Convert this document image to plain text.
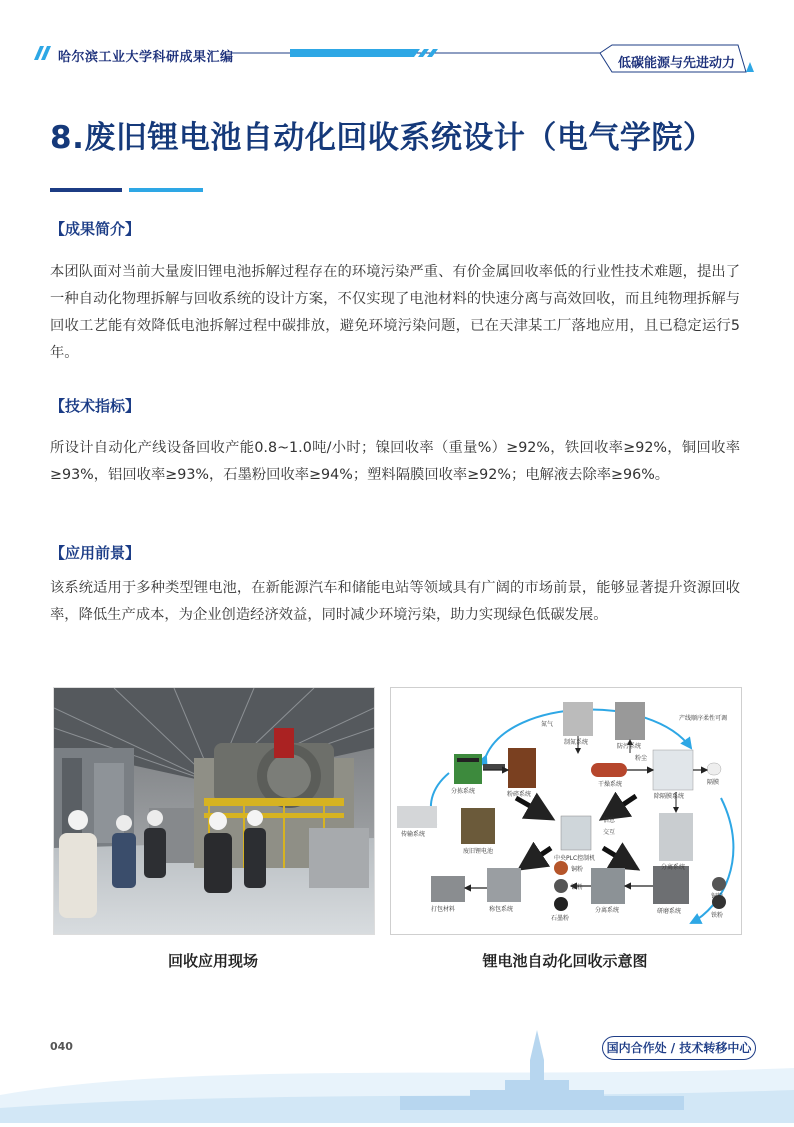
哈尔滨工业大学科研成果汇编	低碳能源与先进动力
8.废旧锂电池自动化回收系统设计（电气学院）
【成果简介】
本团队面对当前大量废旧锂电池拆解过程存在的环境污染严重、有价金属回收率低的行业性技术难题，提出了一种自动化物理拆解与回收系统的设计方案，不仅实现了电池材料的快速分离与高效回收，而且纯物理拆解与回收工艺能有效降低电池拆解过程中碳排放，避免环境污染问题，已在天津某工厂落地应用，且已稳定运行5年。
【技术指标】
所设计自动化产线设备回收产能0.8~1.0吨/小时；镍回收率（重量%）≥92%，铁回收率≥92%，铜回收率≥93%，铝回收率≥93%，石墨粉回收率≥94%；塑料隔膜回收率≥92%；电解液去除率≥96%。
【应用前景】
该系统适用于多种类型锂电池，在新能源汽车和储能电站等领域具有广阔的市场前景，能够显著提升资源回收率，降低生产成本，为企业创造经济效益，同时减少环境污染，助力实现绿色低碳发展。
分拣系统	粉碎系统
制氮系统
防污系统
干燥系统
除隔膜系统
隔膜
传输系统
废旧锂电池
中央PLC控制机
分离系统
称包系统
打包材料
铜粉
铝粉
石墨粉
分离系统	研磨系统
铜粉
铁粉
产线顺序柔性可调
氮气
粉尘
信息
交互
回收应用现场	锂电池自动化回收示意图
040	国内合作处 / 技术转移中心
